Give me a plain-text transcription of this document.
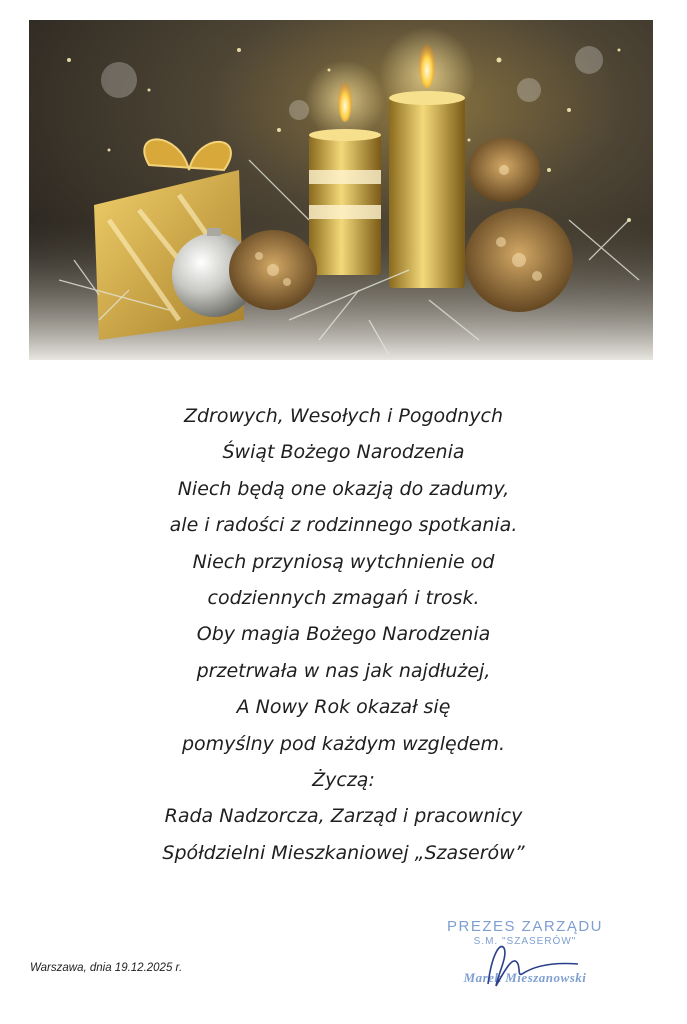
Zdrowych, Wesołych i Pogodnych
Świąt Bożego Narodzenia
Niech będą one okazją do zadumy,
ale i radości z rodzinnego spotkania.
Niech przyniosą wytchnienie od
codziennych zmagań i trosk.
Oby magia Bożego Narodzenia
przetrwała w nas jak najdłużej,
A Nowy Rok okazał się
pomyślny pod każdym względem.
Życzą:
Rada Nadzorcza, Zarząd i pracownicy
Spółdzielni Mieszkaniowej „Szaserów”
Warszawa, dnia 19.12.2025 r.
PREZES ZARZĄDU
S.M. "SZASERÓW"
Marek Mieszanowski
